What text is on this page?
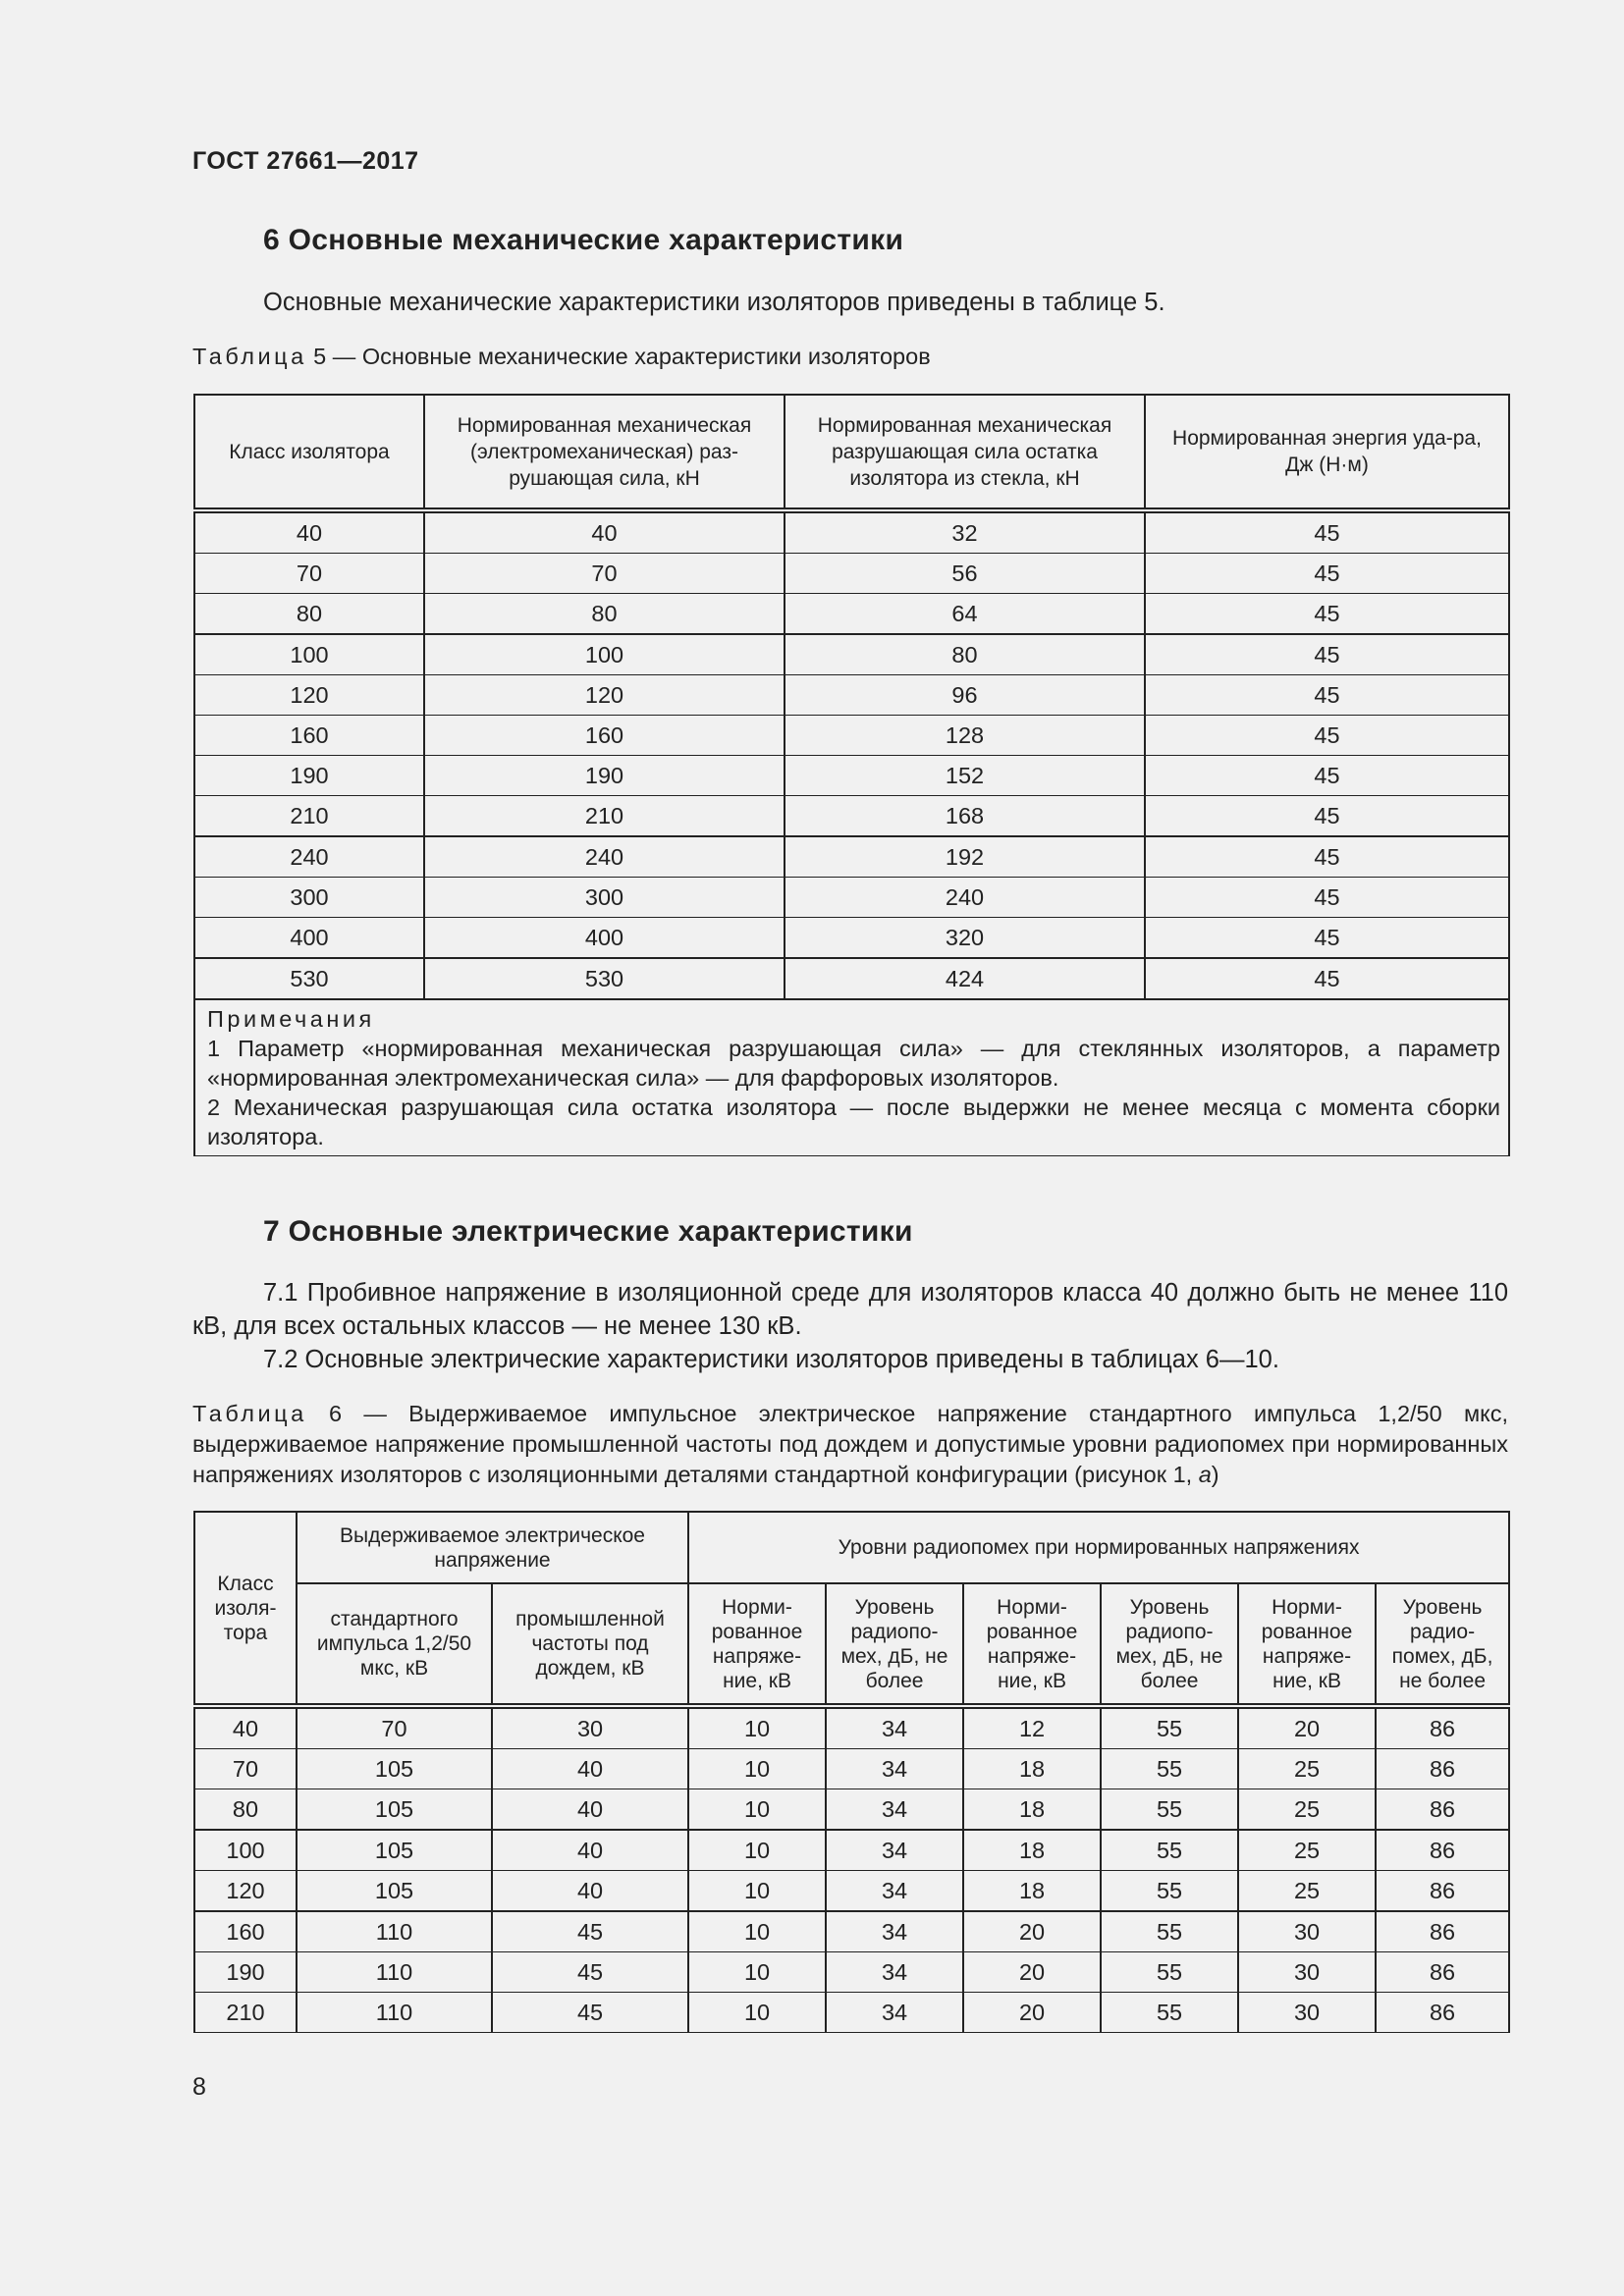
ГОСТ 27661—2017
6 Основные механические характеристики
Основные механические характеристики изоляторов приведены в таблице 5.
Таблица 5 — Основные механические характеристики изоляторов
Класс изолятора	Нормированная механическая (электромеханическая) раз-рушающая сила, кН	Нормированная механическая разрушающая сила остатка изолятора из стекла, кН	Нормированная энергия уда-ра, Дж (Н·м)
40	40	32	45
70	70	56	45
80	80	64	45
100	100	80	45
120	120	96	45
160	160	128	45
190	190	152	45
210	210	168	45
240	240	192	45
300	300	240	45
400	400	320	45
530	530	424	45

Примечания
1 Параметр «нормированная механическая разрушающая сила» — для стеклянных изоляторов, а параметр «нормированная электромеханическая сила» — для фарфоровых изоляторов.
2 Механическая разрушающая сила остатка изолятора — после выдержки не менее месяца с момента сборки изолятора.			
7 Основные электрические характеристики
7.1 Пробивное напряжение в изоляционной среде для изоляторов класса 40 должно быть не менее 110 кВ, для всех остальных классов — не менее 130 кВ.
7.2 Основные электрические характеристики изоляторов приведены в таблицах 6—10.
Таблица 6 — Выдерживаемое импульсное электрическое напряжение стандартного импульса 1,2/50 мкс, выдерживаемое напряжение промышленной частоты под дождем и допустимые уровни радиопомех при нормированных напряжениях изоляторов с изоляционными деталями стандартной конфигурации (рисунок 1, а)
Класс изоля-тора	Выдерживаемое электрическое напряжение		Уровни радиопомех при нормированных напряжениях					
	стандартного импульса 1,2/50 мкс, кВ	промышленной частоты под дождем, кВ	Норми-рованное напряже-ние, кВ	Уровень радиопо-мех, дБ, не более	Норми-рованное напряже-ние, кВ	Уровень радиопо-мех, дБ, не более	Норми-рованное напряже-ние, кВ	Уровень радио-помех, дБ, не более
40	70	30	10	34	12	55	20	86
70	105	40	10	34	18	55	25	86
80	105	40	10	34	18	55	25	86
100	105	40	10	34	18	55	25	86
120	105	40	10	34	18	55	25	86
160	110	45	10	34	20	55	30	86
190	110	45	10	34	20	55	30	86
210	110	45	10	34	20	55	30	86
8
